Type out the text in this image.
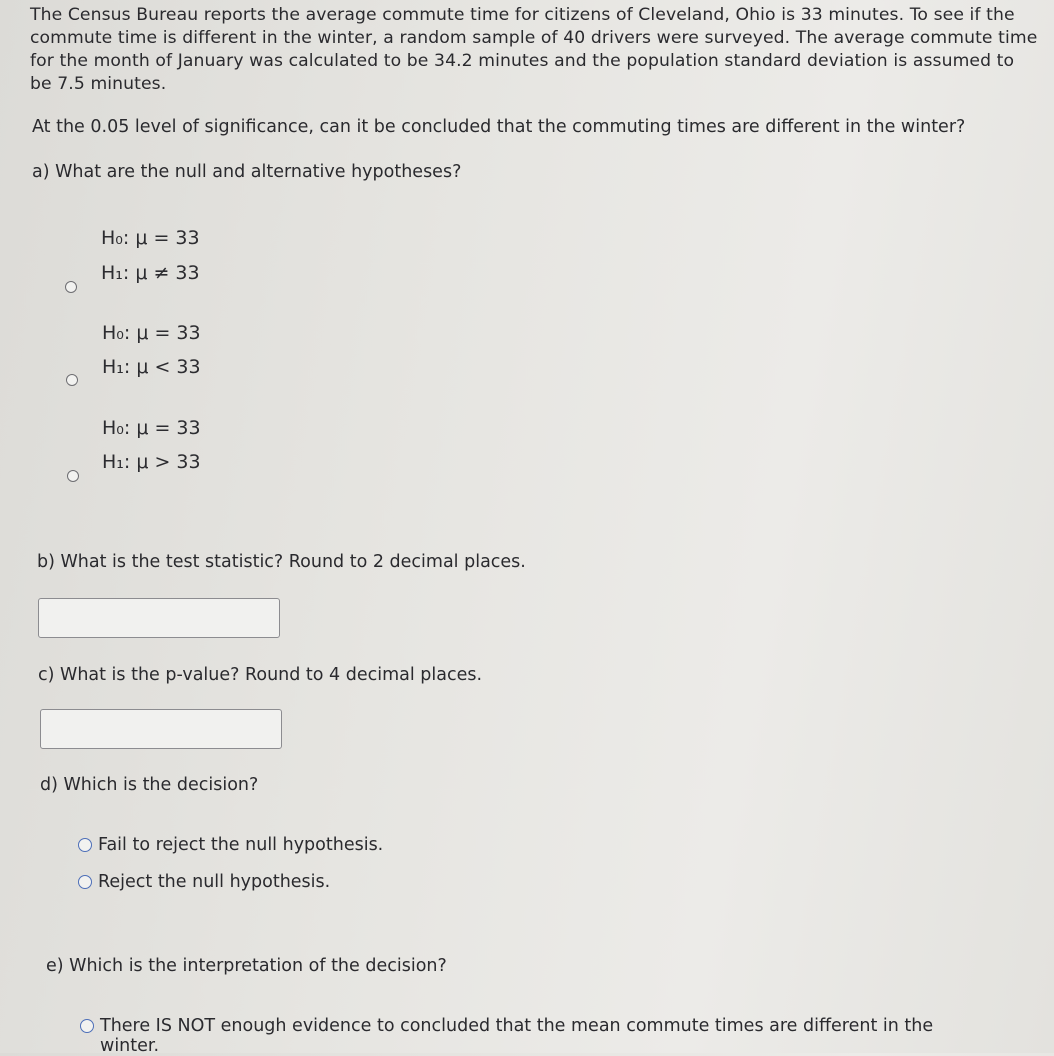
The Census Bureau reports the average commute time for citizens of Cleveland, Ohio is 33 minutes. To see if the commute time is different in the winter, a random sample of 40 drivers were surveyed. The average commute time for the month of January was calculated to be 34.2 minutes and the population standard deviation is assumed to be 7.5 minutes.
At the 0.05 level of significance, can it be concluded that the commuting times are different in the winter?
a) What are the null and alternative hypotheses?
H₀: μ = 33
H₁: μ ≠ 33
H₀: μ = 33
H₁: μ < 33
H₀: μ = 33
H₁: μ > 33
b) What is the test statistic? Round to 2 decimal places.
c) What is the p-value? Round to 4 decimal places.
d) Which is the decision?
Fail to reject the null hypothesis.
Reject the null hypothesis.
e) Which is the interpretation of the decision?
There IS NOT enough evidence to concluded that the mean commute times are different in the winter.
